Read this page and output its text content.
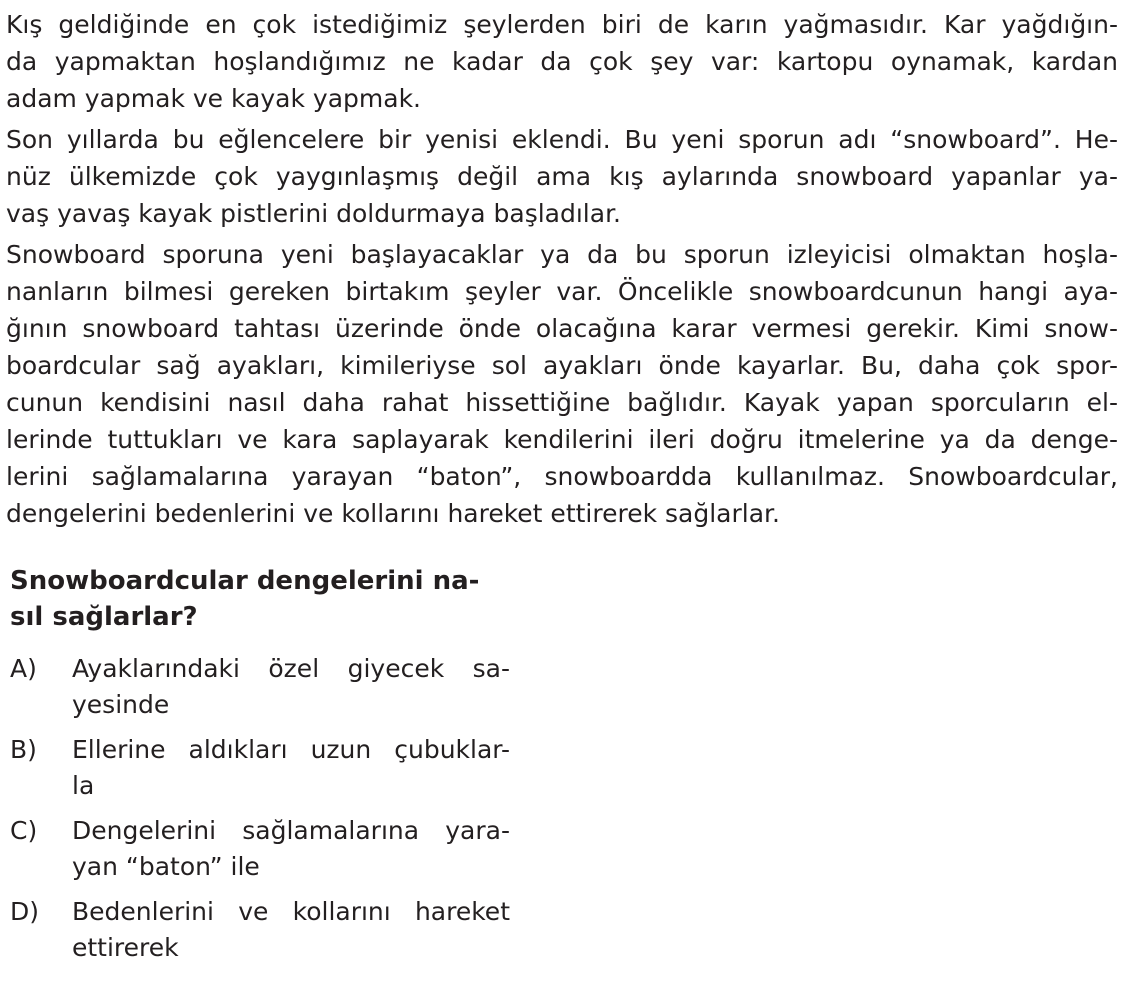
Kış geldiğinde en çok istediğimiz şeylerden biri de karın yağmasıdır. Kar yağdığın-
da yapmaktan hoşlandığımız ne kadar da çok şey var: kartopu oynamak, kardan
adam yapmak ve kayak yapmak.

Son yıllarda bu eğlencelere bir yenisi eklendi. Bu yeni sporun adı “snowboard”. He-
nüz ülkemizde çok yaygınlaşmış değil ama kış aylarında snowboard yapanlar ya-
vaş yavaş kayak pistlerini doldurmaya başladılar.

Snowboard sporuna yeni başlayacaklar ya da bu sporun izleyicisi olmaktan hoşla-
nanların bilmesi gereken birtakım şeyler var. Öncelikle snowboardcunun hangi aya-
ğının snowboard tahtası üzerinde önde olacağına karar vermesi gerekir. Kimi snow-
boardcular sağ ayakları, kimileriyse sol ayakları önde kayarlar. Bu, daha çok spor-
cunun kendisini nasıl daha rahat hissettiğine bağlıdır. Kayak yapan sporcuların el-
lerinde tuttukları ve kara saplayarak kendilerini ileri doğru itmelerine ya da denge-
lerini sağlamalarına yarayan “baton”, snowboardda kullanılmaz. Snowboardcular,
dengelerini bedenlerini ve kollarını hareket ettirerek sağlarlar.

Snowboardcular dengelerini na-
sıl sağlarlar?

A)	Ayaklarındaki özel giyecek sa-
yesinde
B)	Ellerine aldıkları uzun çubuklar-
la
C)	Dengelerini sağlamalarına yara-
yan “baton” ile
D)	Bedenlerini ve kollarını hareket
ettirerek
